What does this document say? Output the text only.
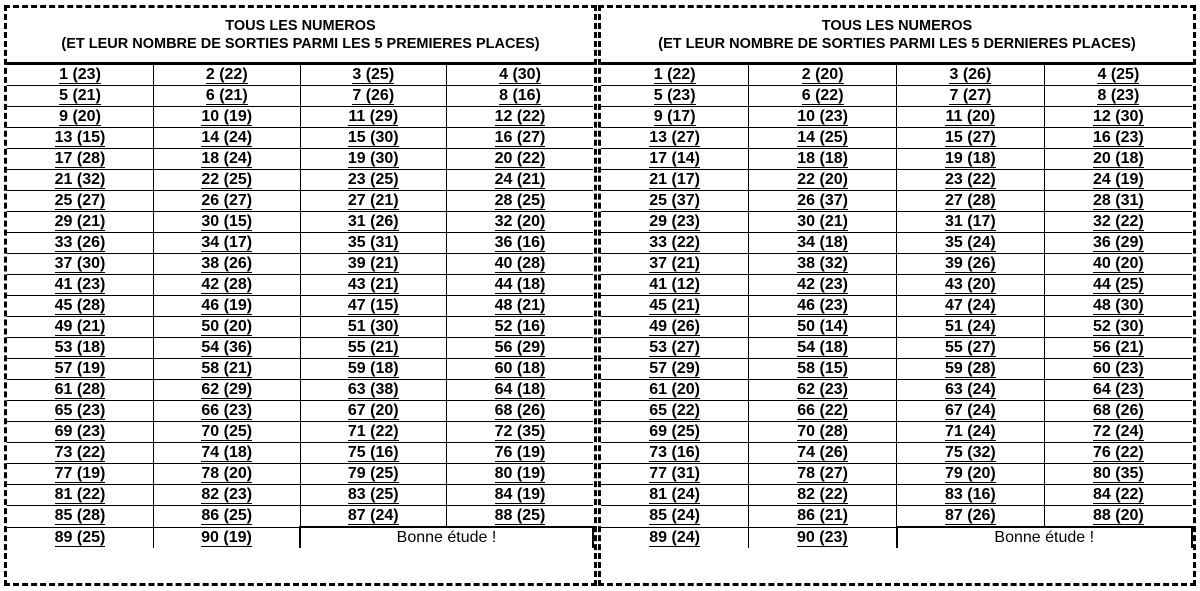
TOUS LES NUMEROS
(ET LEUR NOMBRE DE SORTIES PARMI LES 5 PREMIERES PLACES)
1 (23)	2 (22)	3 (25)	4 (30)
5 (21)	6 (21)	7 (26)	8 (16)
9 (20)	10 (19)	11 (29)	12 (22)
13 (15)	14 (24)	15 (30)	16 (27)
17 (28)	18 (24)	19 (30)	20 (22)
21 (32)	22 (25)	23 (25)	24 (21)
25 (27)	26 (27)	27 (21)	28 (25)
29 (21)	30 (15)	31 (26)	32 (20)
33 (26)	34 (17)	35 (31)	36 (16)
37 (30)	38 (26)	39 (21)	40 (28)
41 (23)	42 (28)	43 (21)	44 (18)
45 (28)	46 (19)	47 (15)	48 (21)
49 (21)	50 (20)	51 (30)	52 (16)
53 (18)	54 (36)	55 (21)	56 (29)
57 (19)	58 (21)	59 (18)	60 (18)
61 (28)	62 (29)	63 (38)	64 (18)
65 (23)	66 (23)	67 (20)	68 (26)
69 (23)	70 (25)	71 (22)	72 (35)
73 (22)	74 (18)	75 (16)	76 (19)
77 (19)	78 (20)	79 (25)	80 (19)
81 (22)	82 (23)	83 (25)	84 (19)
85 (28)	86 (25)	87 (24)	88 (25)
89 (25)	90 (19)	Bonne étude !	
TOUS LES NUMEROS
(ET LEUR NOMBRE DE SORTIES PARMI LES 5 DERNIERES PLACES)
1 (22)	2 (20)	3 (26)	4 (25)
5 (23)	6 (22)	7 (27)	8 (23)
9 (17)	10 (23)	11 (20)	12 (30)
13 (27)	14 (25)	15 (27)	16 (23)
17 (14)	18 (18)	19 (18)	20 (18)
21 (17)	22 (20)	23 (22)	24 (19)
25 (37)	26 (37)	27 (28)	28 (31)
29 (23)	30 (21)	31 (17)	32 (22)
33 (22)	34 (18)	35 (24)	36 (29)
37 (21)	38 (32)	39 (26)	40 (20)
41 (12)	42 (23)	43 (20)	44 (25)
45 (21)	46 (23)	47 (24)	48 (30)
49 (26)	50 (14)	51 (24)	52 (30)
53 (27)	54 (18)	55 (27)	56 (21)
57 (29)	58 (15)	59 (28)	60 (23)
61 (20)	62 (23)	63 (24)	64 (23)
65 (22)	66 (22)	67 (24)	68 (26)
69 (25)	70 (28)	71 (24)	72 (24)
73 (16)	74 (26)	75 (32)	76 (22)
77 (31)	78 (27)	79 (20)	80 (35)
81 (24)	82 (22)	83 (16)	84 (22)
85 (24)	86 (21)	87 (26)	88 (20)
89 (24)	90 (23)	Bonne étude !	
